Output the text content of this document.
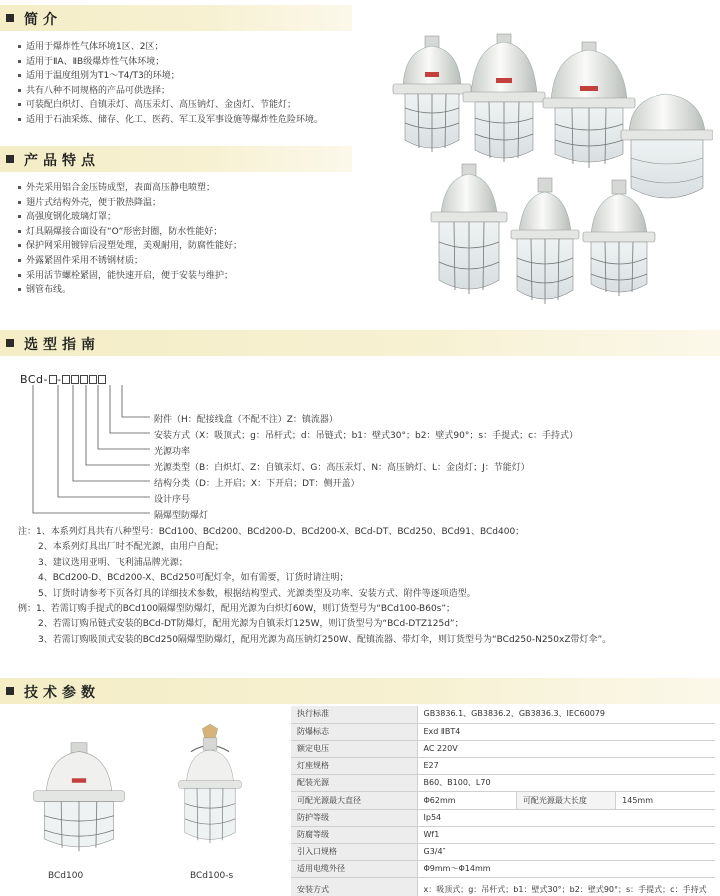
简介
适用于爆炸性气体环境1区、2区；
适用于ⅡA、ⅡB级爆炸性气体环境；
适用于温度组别为T1～T4/T3的环境；
共有八种不同规格的产品可供选择；
可装配白炽灯、自镇汞灯、高压汞灯、高压钠灯、金卤灯、节能灯；
适用于石油采炼、储存、化工、医药、军工及军事设施等爆炸性危险环境。
产品特点
外壳采用铝合金压铸成型，表面高压静电喷塑；
翅片式结构外壳，便于散热降温；
高强度钢化玻璃灯罩；
灯具隔爆接合面设有“O”形密封圈，防水性能好；
保护网采用镀锌后浸塑处理，美观耐用，防腐性能好；
外露紧固件采用不锈钢材质；
采用活节螺栓紧固，能快速开启，便于安装与维护；
钢管布线。
选型指南
BCd- -
附件（H：配接线盒（不配不注）Z：镇流器）
安装方式（X：吸顶式；g：吊杆式；d：吊链式；b1：壁式30°；b2：壁式90°；s：手提式；c：手持式）
光源功率
光源类型（B：白炽灯、Z：自镇汞灯、G：高压汞灯、N：高压钠灯、L：金卤灯；J：节能灯）
结构分类（D：上开启；X：下开启；DT：侧开盖）
设计序号
隔爆型防爆灯
注：1、本系列灯具共有八种型号：BCd100、BCd200、BCd200-D、BCd200-X、BCd-DT、BCd250、BCd91、BCd400；
2、本系列灯具出厂时不配光源，由用户自配；
3、建议选用亚明、飞利浦品牌光源；
4、BCd200-D、BCd200-X、BCd250可配灯伞，如有需要，订货时请注明；
5、订货时请参考下页各灯具的详细技术参数，根据结构型式、光源类型及功率、安装方式、附件等逐项造型。
例：1、若需订购手提式的BCd100隔爆型防爆灯，配用光源为白炽灯60W，则订货型号为“BCd100-B60s”；
2、若需订购吊链式安装的BCd-DT防爆灯，配用光源为自镇汞灯125W，则订货型号为“BCd-DTZ125d”；
3、若需订购吸顶式安装的BCd250隔爆型防爆灯，配用光源为高压钠灯250W、配镇流器、带灯伞，则订货型号为“BCd250-N250xZ带灯伞”。
技术参数
BCd100	BCd100-s
执行标准	GB3836.1、GB3836.2、GB3836.3、IEC60079		
防爆标志	Exd ⅡBT4		
额定电压	AC 220V		
灯座规格	E27		
配装光源	B60、B100、L70		
可配光源最大直径	Φ62mm	可配光源最大长度	145mm
防护等级	Ip54		
防腐等级	Wf1		
引入口规格	G3/4″		
适用电缆外径	Φ9mm～Φ14mm		
安装方式	x：吸顶式；g：吊杆式；b1：壁式30°；b2：壁式90°；s：手提式；c：手持式		
